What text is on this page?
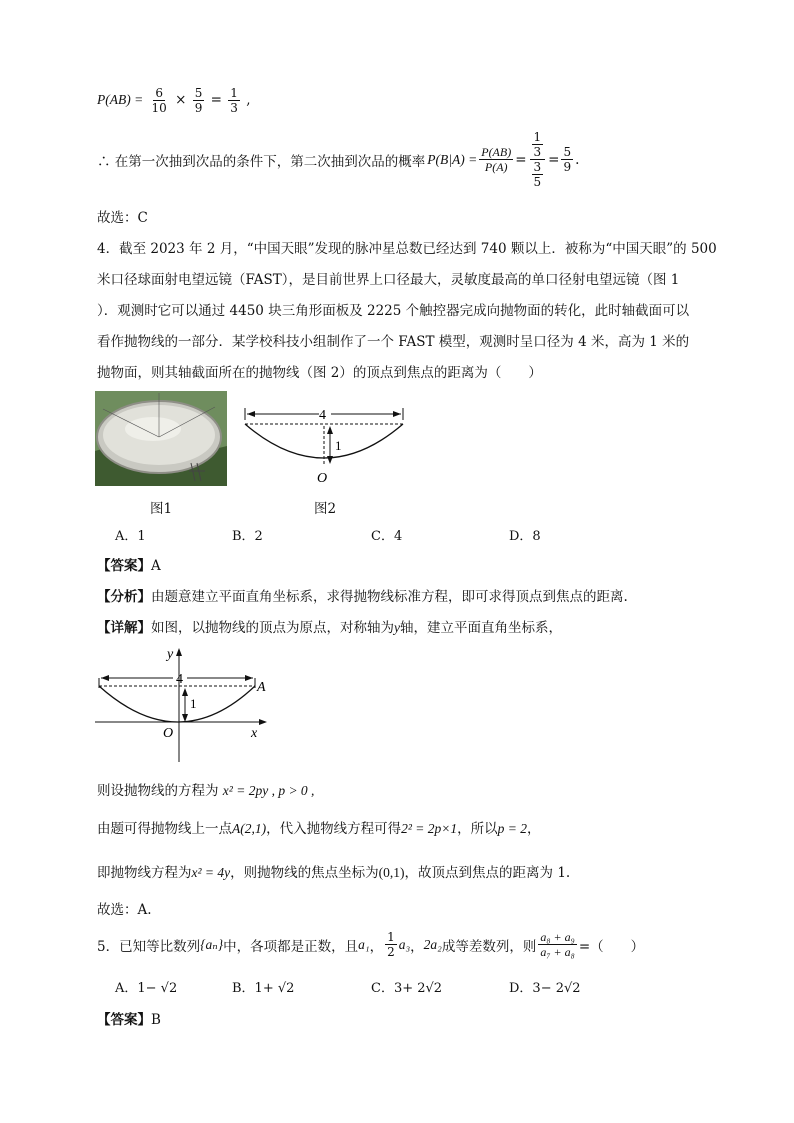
$P(AB) = \frac{6}{10} \times \frac{5}{9} = \frac{1}{3}$ ,
∴ 在第一次抽到次品的条件下，第二次抽到次品的概率 $P(B|A) = \frac{P(AB)}{P(A)} = 1$
3
3
$5 = \frac{5}{9}$ .
故选：C
4．截至 2023 年 2 月，“中国天眼”发现的脉冲星总数已经达到 740 颗以上．被称为“中国天眼”的 500
米口径球面射电望远镜（FAST），是目前世界上口径最大，灵敏度最高的单口径射电望远镜（图 1
）．观测时它可以通过 4450 块三角形面板及 2225 个触控器完成向抛物面的转化，此时轴截面可以
看作抛物线的一部分．某学校科技小组制作了一个 FAST 模型，观测时呈口径为 4 米，高为 1 米的
抛物面，则其轴截面所在的抛物线（图 2）的顶点到焦点的距离为（　　）
4
1
O
图1	图2
A．1	B．2	C．4	D．8
【答案】A
【分析】由题意建立平面直角坐标系，求得抛物线标准方程，即可求得顶点到焦点的距离.
【详解】如图，以抛物线的顶点为原点，对称轴为y轴，建立平面直角坐标系，
y
x
O
4
A
1
则设抛物线的方程为 x² = 2py , p > 0 ,
由题可得抛物线上一点A(2,1)，代入抛物线方程可得2² = 2p×1，所以p = 2，
即抛物线方程为x² = 4y，则抛物线的焦点坐标为(0,1)，故顶点到焦点的距离为 1.
故选：A.
5．已知等比数列 {aₙ} 中，各项都是正数，且 a₁ ， $\frac{1}{2} a_3$ ， 2a₂ 成等差数列，则 $\frac{\text{a₈ + a₉}}{\text{a₇ + a₈}}$ =（　　）
A．1− √2	B．1+ √2	C．3+ 2√2	D．3− 2√2
【答案】B
